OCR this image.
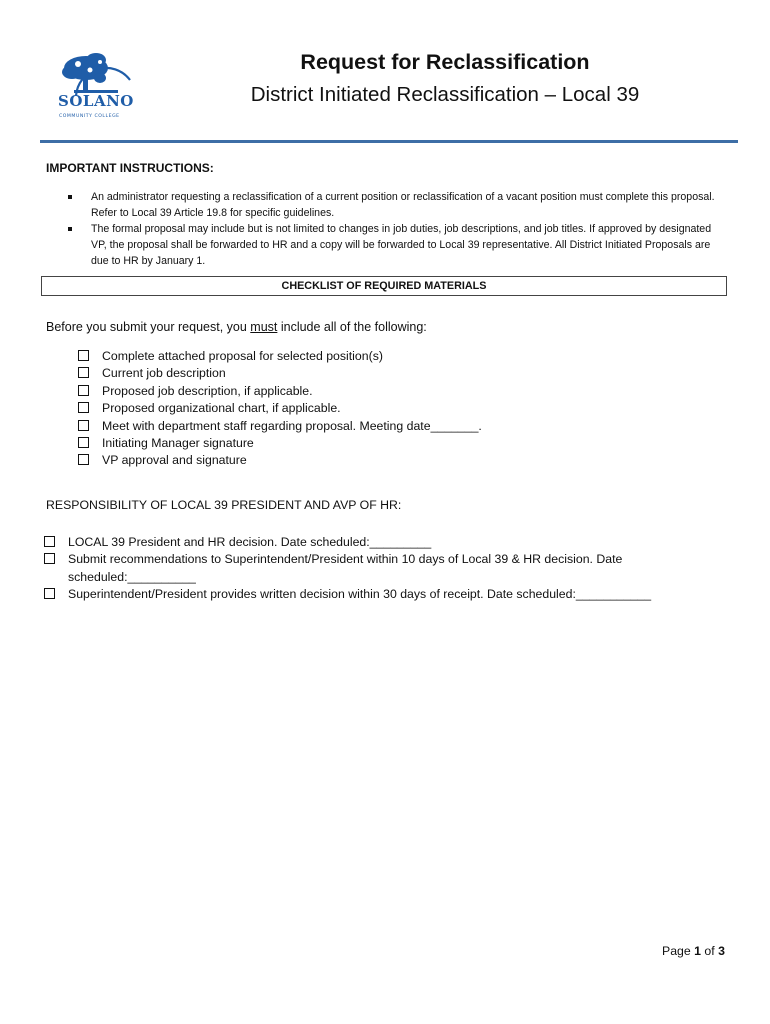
SOLANO
COMMUNITY COLLEGE
Request for Reclassification
District Initiated Reclassification – Local 39
IMPORTANT INSTRUCTIONS:
An administrator requesting a reclassification of a current position or reclassification of a vacant position must complete this proposal. Refer to Local 39 Article 19.8 for specific guidelines.
The formal proposal may include but is not limited to changes in job duties, job descriptions, and job titles. If approved by designated VP, the proposal shall be forwarded to HR and a copy will be forwarded to Local 39 representative. All District Initiated Proposals are due to HR by January 1.
CHECKLIST OF REQUIRED MATERIALS
Before you submit your request, you must include all of the following:
Complete attached proposal for selected position(s)
Current job description
Proposed job description, if applicable.
Proposed organizational chart, if applicable.
Meet with department staff regarding proposal. Meeting date_______.
Initiating Manager signature
VP approval and signature
RESPONSIBILITY OF LOCAL 39 PRESIDENT AND AVP OF HR:
LOCAL 39 President and HR decision. Date scheduled:_________
Submit recommendations to Superintendent/President within 10 days of Local 39 & HR decision. Date scheduled:__________
Superintendent/President provides written decision within 30 days of receipt. Date scheduled:___________
Page 1 of 3
